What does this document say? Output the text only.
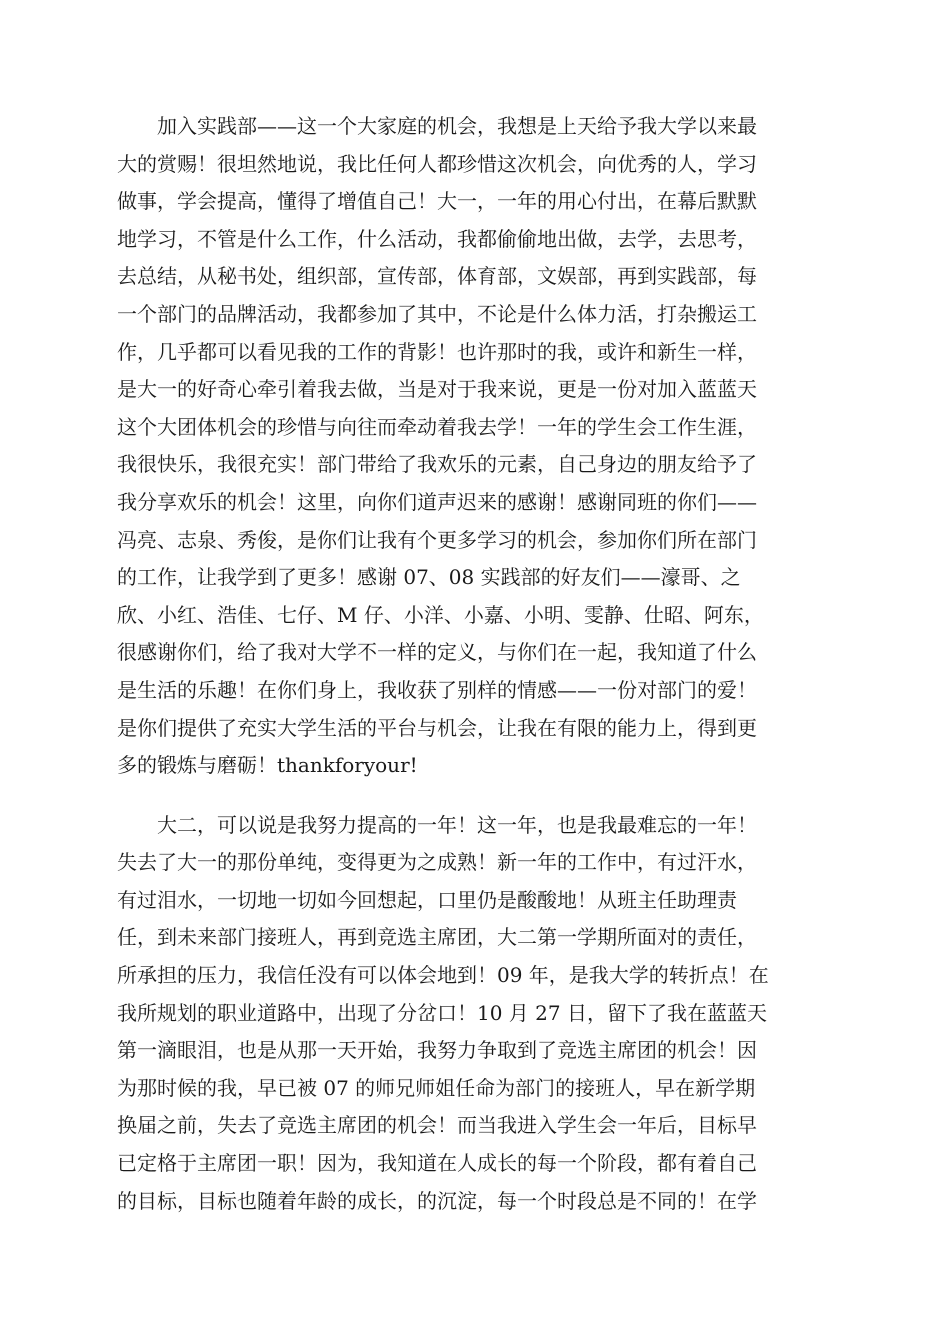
　　加入实践部——这一个大家庭的机会，我想是上天给予我大学以来最
大的赏赐！很坦然地说，我比任何人都珍惜这次机会，向优秀的人，学习
做事，学会提高，懂得了增值自己！大一，一年的用心付出，在幕后默默
地学习，不管是什么工作，什么活动，我都偷偷地出做，去学，去思考，
去总结，从秘书处，组织部，宣传部，体育部，文娱部，再到实践部，每
一个部门的品牌活动，我都参加了其中，不论是什么体力活，打杂搬运工
作，几乎都可以看见我的工作的背影！也许那时的我，或许和新生一样，
是大一的好奇心牵引着我去做，当是对于我来说，更是一份对加入蓝蓝天
这个大团体机会的珍惜与向往而牵动着我去学！一年的学生会工作生涯，
我很快乐，我很充实！部门带给了我欢乐的元素，自己身边的朋友给予了
我分享欢乐的机会！这里，向你们道声迟来的感谢！感谢同班的你们——
冯亮、志泉、秀俊，是你们让我有个更多学习的机会，参加你们所在部门
的工作，让我学到了更多！感谢 07、08 实践部的好友们——濠哥、之
欣、小红、浩佳、七仔、M 仔、小洋、小嘉、小明、雯静、仕昭、阿东，
很感谢你们，给了我对大学不一样的定义，与你们在一起，我知道了什么
是生活的乐趣！在你们身上，我收获了别样的情感——一份对部门的爱！
是你们提供了充实大学生活的平台与机会，让我在有限的能力上，得到更
多的锻炼与磨砺！thankforyour!
　　大二，可以说是我努力提高的一年！这一年，也是我最难忘的一年！
失去了大一的那份单纯，变得更为之成熟！新一年的工作中，有过汗水，
有过泪水，一切地一切如今回想起，口里仍是酸酸地！从班主任助理责
任，到未来部门接班人，再到竞选主席团，大二第一学期所面对的责任，
所承担的压力，我信任没有可以体会地到！09 年，是我大学的转折点！在
我所规划的职业道路中，出现了分岔口！10 月 27 日，留下了我在蓝蓝天
第一滴眼泪，也是从那一天开始，我努力争取到了竞选主席团的机会！因
为那时候的我，早已被 07 的师兄师姐任命为部门的接班人，早在新学期
换届之前，失去了竞选主席团的机会！而当我进入学生会一年后，目标早
已定格于主席团一职！因为，我知道在人成长的每一个阶段，都有着自己
的目标，目标也随着年龄的成长，的沉淀，每一个时段总是不同的！在学
